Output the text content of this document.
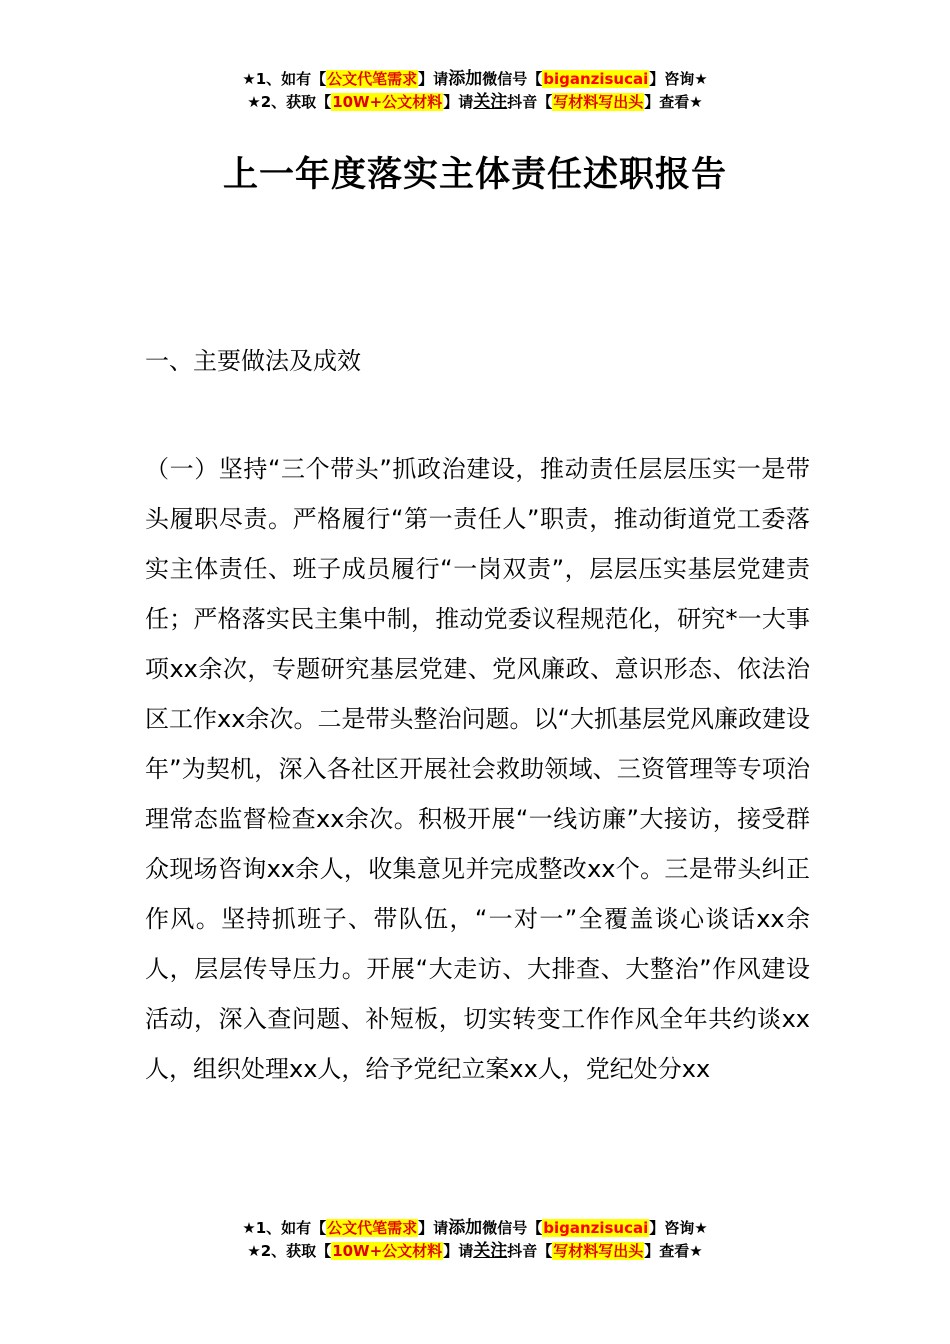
★1、如有【公文代笔需求】请添加微信号【biganzisucai】咨询★
★2、获取【10W+公文材料】请关注抖音【写材料写出头】查看★
上一年度落实主体责任述职报告
一、主要做法及成效

（一）坚持“三个带头”抓政治建设，推动责任层层压实一是带头履职尽责。严格履行“第一责任人”职责，推动街道党工委落实主体责任、班子成员履行“一岗双责”，层层压实基层党建责任；严格落实民主集中制，推动党委议程规范化，研究*一大事项xx余次，专题研究基层党建、党风廉政、意识形态、依法治区工作xx余次。二是带头整治问题。以“大抓基层党风廉政建设年”为契机，深入各社区开展社会救助领域、三资管理等专项治理常态监督检查xx余次。积极开展“一线访廉”大接访，接受群众现场咨询xx余人，收集意见并完成整改xx个。三是带头纠正作风。坚持抓班子、带队伍，“一对一”全覆盖谈心谈话xx余人，层层传导压力。开展“大走访、大排查、大整治”作风建设活动，深入查问题、补短板，切实转变工作作风全年共约谈xx人，组织处理xx人，给予党纪立案xx人，党纪处分xx

★1、如有【公文代笔需求】请添加微信号【biganzisucai】咨询★
★2、获取【10W+公文材料】请关注抖音【写材料写出头】查看★
